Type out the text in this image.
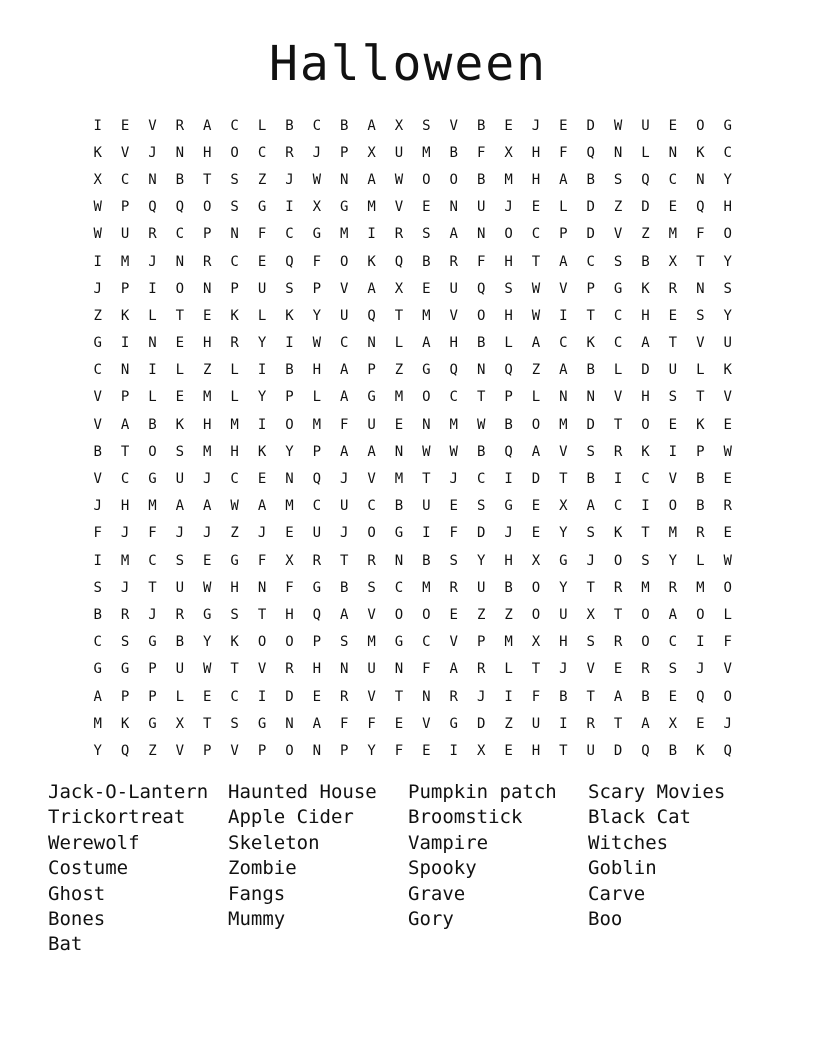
Halloween
I	E	V	R	A	C	L	B	C	B	A	X	S	V	B	E	J	E	D	W	U	E	O	G
K	V	J	N	H	O	C	R	J	P	X	U	M	B	F	X	H	F	Q	N	L	N	K	C
X	C	N	B	T	S	Z	J	W	N	A	W	O	O	B	M	H	A	B	S	Q	C	N	Y
W	P	Q	Q	O	S	G	I	X	G	M	V	E	N	U	J	E	L	D	Z	D	E	Q	H
W	U	R	C	P	N	F	C	G	M	I	R	S	A	N	O	C	P	D	V	Z	M	F	O
I	M	J	N	R	C	E	Q	F	O	K	Q	B	R	F	H	T	A	C	S	B	X	T	Y
J	P	I	O	N	P	U	S	P	V	A	X	E	U	Q	S	W	V	P	G	K	R	N	S
Z	K	L	T	E	K	L	K	Y	U	Q	T	M	V	O	H	W	I	T	C	H	E	S	Y
G	I	N	E	H	R	Y	I	W	C	N	L	A	H	B	L	A	C	K	C	A	T	V	U
C	N	I	L	Z	L	I	B	H	A	P	Z	G	Q	N	Q	Z	A	B	L	D	U	L	K
V	P	L	E	M	L	Y	P	L	A	G	M	O	C	T	P	L	N	N	V	H	S	T	V
V	A	B	K	H	M	I	O	M	F	U	E	N	M	W	B	O	M	D	T	O	E	K	E
B	T	O	S	M	H	K	Y	P	A	A	N	W	W	B	Q	A	V	S	R	K	I	P	W
V	C	G	U	J	C	E	N	Q	J	V	M	T	J	C	I	D	T	B	I	C	V	B	E
J	H	M	A	A	W	A	M	C	U	C	B	U	E	S	G	E	X	A	C	I	O	B	R
F	J	F	J	J	Z	J	E	U	J	O	G	I	F	D	J	E	Y	S	K	T	M	R	E
I	M	C	S	E	G	F	X	R	T	R	N	B	S	Y	H	X	G	J	O	S	Y	L	W
S	J	T	U	W	H	N	F	G	B	S	C	M	R	U	B	O	Y	T	R	M	R	M	O
B	R	J	R	G	S	T	H	Q	A	V	O	O	E	Z	Z	O	U	X	T	O	A	O	L
C	S	G	B	Y	K	O	O	P	S	M	G	C	V	P	M	X	H	S	R	O	C	I	F
G	G	P	U	W	T	V	R	H	N	U	N	F	A	R	L	T	J	V	E	R	S	J	V
A	P	P	L	E	C	I	D	E	R	V	T	N	R	J	I	F	B	T	A	B	E	Q	O
M	K	G	X	T	S	G	N	A	F	F	E	V	G	D	Z	U	I	R	T	A	X	E	J
Y	Q	Z	V	P	V	P	O	N	P	Y	F	E	I	X	E	H	T	U	D	Q	B	K	Q
Jack-O-Lantern	Haunted House	Pumpkin patch	Scary Movies
Trickortreat	Apple Cider	Broomstick	Black Cat
Werewolf	Skeleton	Vampire	Witches
Costume	Zombie	Spooky	Goblin
Ghost	Fangs	Grave	Carve
Bones	Mummy	Gory	Boo
Bat
